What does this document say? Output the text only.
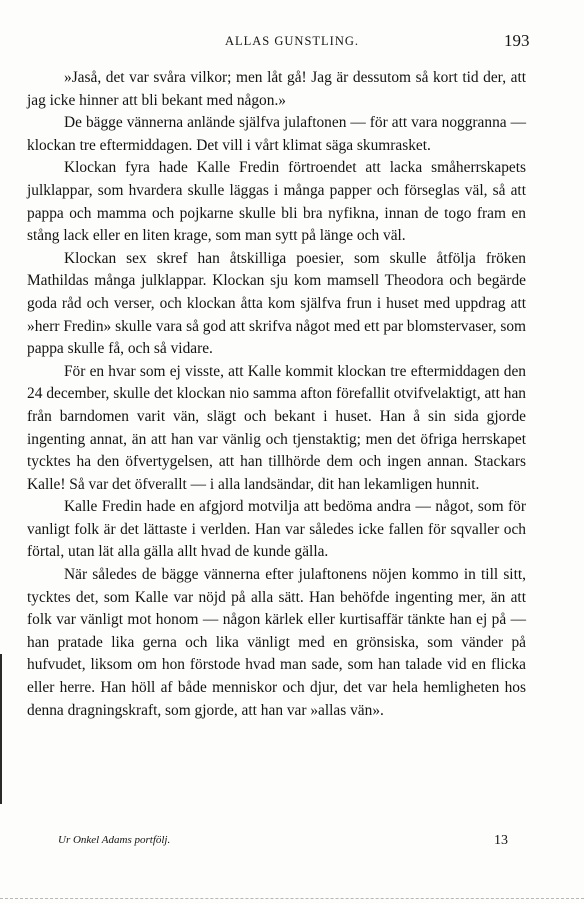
ALLAS GUNSTLING.	193

»Jaså, det var svåra vilkor; men låt gå! Jag är dessutom så kort tid der, att jag icke hinner att bli bekant med någon.»

De bägge vännerna anlände själfva julaftonen — för att vara noggranna — klockan tre eftermiddagen. Det vill i vårt klimat säga skumrasket.

Klockan fyra hade Kalle Fredin förtroendet att lacka småherrskapets julklappar, som hvardera skulle läggas i många papper och förseglas väl, så att pappa och mamma och pojkarne skulle bli bra nyfikna, innan de togo fram en stång lack eller en liten krage, som man sytt på länge och väl.

Klockan sex skref han åtskilliga poesier, som skulle åtfölja fröken Mathildas många julklappar. Klockan sju kom mamsell Theodora och begärde goda råd och verser, och klockan åtta kom själfva frun i huset med uppdrag att »herr Fredin» skulle vara så god att skrifva något med ett par blomstervaser, som pappa skulle få, och så vidare.

För en hvar som ej visste, att Kalle kommit klockan tre eftermiddagen den 24 december, skulle det klockan nio samma afton förefallit otvifvelaktigt, att han från barndomen varit vän, slägt och bekant i huset. Han å sin sida gjorde ingenting annat, än att han var vänlig och tjenstaktig; men det öfriga herrskapet tycktes ha den öfvertygelsen, att han tillhörde dem och ingen annan. Stackars Kalle! Så var det öfverallt — i alla landsändar, dit han lekamligen hunnit.

Kalle Fredin hade en afgjord motvilja att bedöma andra — något, som för vanligt folk är det lättaste i verlden. Han var således icke fallen för sqvaller och förtal, utan lät alla gälla allt hvad de kunde gälla.

När således de bägge vännerna efter julaftonens nöjen kommo in till sitt, tycktes det, som Kalle var nöjd på alla sätt. Han behöfde ingenting mer, än att folk var vänligt mot honom — någon kärlek eller kurtisaffär tänkte han ej på — han pratade lika gerna och lika vänligt med en grönsiska, som vänder på hufvudet, liksom om hon förstode hvad man sade, som han talade vid en flicka eller herre. Han höll af både menniskor och djur, det var hela hemligheten hos denna dragningskraft, som gjorde, att han var »allas vän».

Ur Onkel Adams portfölj.	13
